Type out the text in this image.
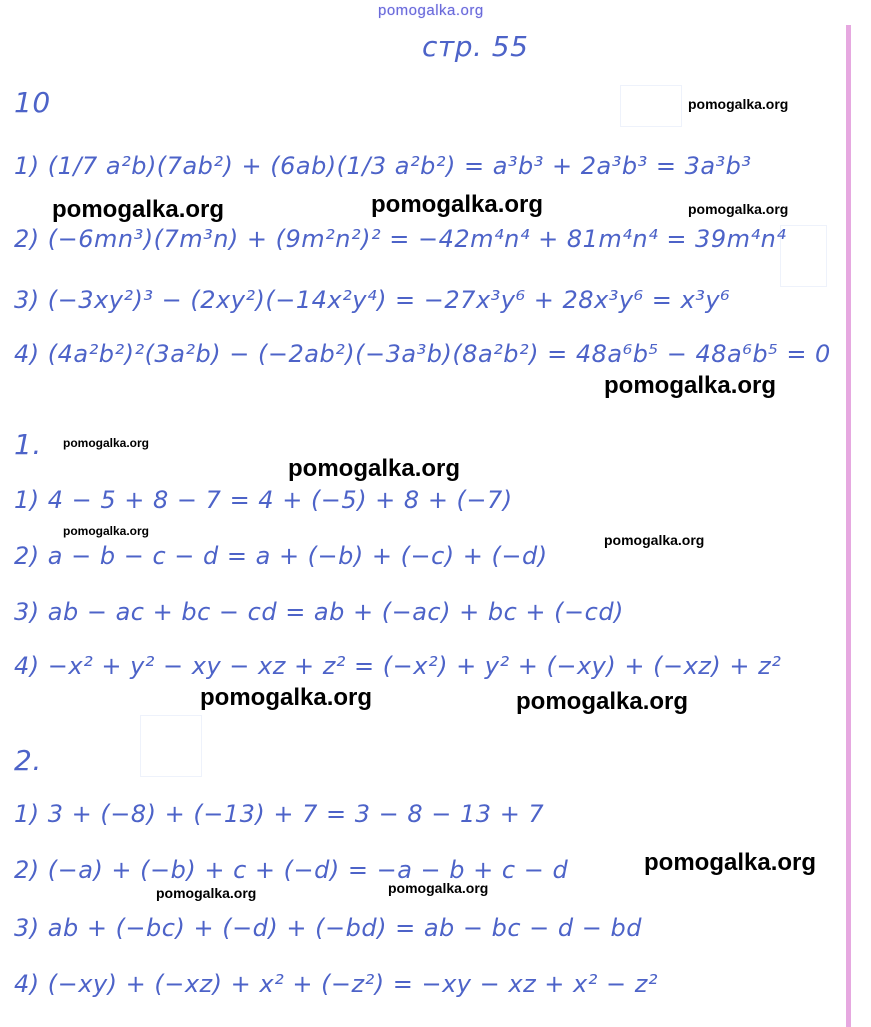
pomogalka.org
стр. 55
10
1) (1/7 a²b)(7ab²) + (6ab)(1/3 a²b²) = a³b³ + 2a³b³ = 3a³b³
2) (−6mn³)(7m³n) + (9m²n²)² = −42m⁴n⁴ + 81m⁴n⁴ = 39m⁴n⁴
3) (−3xy²)³ − (2xy²)(−14x²y⁴) = −27x³y⁶ + 28x³y⁶ = x³y⁶
4) (4a²b²)²(3a²b) − (−2ab²)(−3a³b)(8a²b²) = 48a⁶b⁵ − 48a⁶b⁵ = 0
1.
1) 4 − 5 + 8 − 7 = 4 + (−5) + 8 + (−7)
2) a − b − c − d = a + (−b) + (−c) + (−d)
3) ab − ac + bc − cd = ab + (−ac) + bc + (−cd)
4) −x² + y² − xy − xz + z² = (−x²) + y² + (−xy) + (−xz) + z²
2.
1) 3 + (−8) + (−13) + 7 = 3 − 8 − 13 + 7
2) (−a) + (−b) + c + (−d) = −a − b + c − d
3) ab + (−bc) + (−d) + (−bd) = ab − bc − d − bd
4) (−xy) + (−xz) + x² + (−z²) = −xy − xz + x² − z²
pomogalka.org
pomogalka.org	pomogalka.org	pomogalka.org
pomogalka.org
pomogalka.org
pomogalka.org
pomogalka.org
pomogalka.org
pomogalka.org	pomogalka.org
pomogalka.org
pomogalka.org	pomogalka.org
